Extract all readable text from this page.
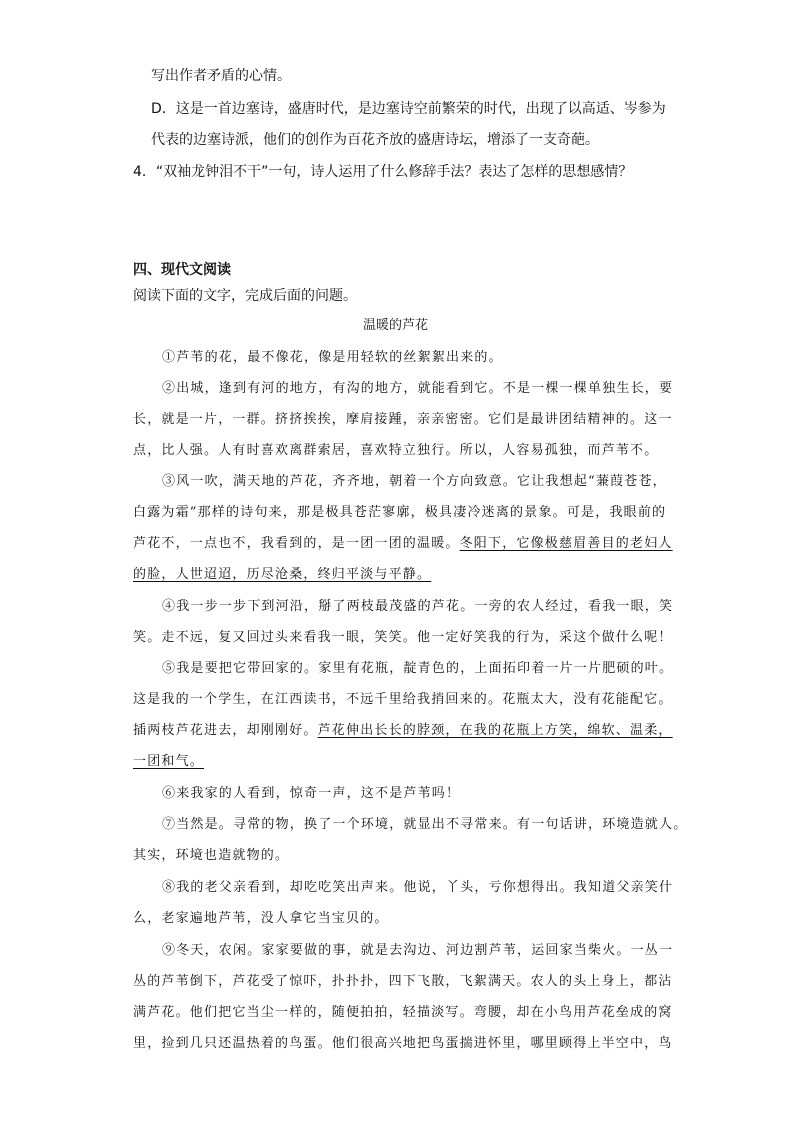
写出作者矛盾的心情。
D．这是一首边塞诗，盛唐时代，是边塞诗空前繁荣的时代，出现了以高适、岑参为
代表的边塞诗派，他们的创作为百花齐放的盛唐诗坛，增添了一支奇葩。
4．“双袖龙钟泪不干”一句，诗人运用了什么修辞手法？表达了怎样的思想感情？
四、现代文阅读
阅读下面的文字，完成后面的问题。
温暖的芦花
①芦苇的花，最不像花，像是用轻软的丝絮絮出来的。
②出城，逢到有河的地方，有沟的地方，就能看到它。不是一棵一棵单独生长，要
长，就是一片，一群。挤挤挨挨，摩肩接踵，亲亲密密。它们是最讲团结精神的。这一
点，比人强。人有时喜欢离群索居，喜欢特立独行。所以，人容易孤独，而芦苇不。
③风一吹，满天地的芦花，齐齐地，朝着一个方向致意。它让我想起“蒹葭苍苍，
白露为霜”那样的诗句来，那是极具苍茫寥廓，极具凄冷迷离的景象。可是，我眼前的
芦花不，一点也不，我看到的，是一团一团的温暖。冬阳下，它像极慈眉善目的老妇人
的脸，人世迢迢，历尽沧桑，终归平淡与平静。
④我一步一步下到河沿，掰了两枝最茂盛的芦花。一旁的农人经过，看我一眼，笑
笑。走不远，复又回过头来看我一眼，笑笑。他一定好笑我的行为，采这个做什么呢！
⑤我是要把它带回家的。家里有花瓶，靛青色的，上面拓印着一片一片肥硕的叶。
这是我的一个学生，在江西读书，不远千里给我捎回来的。花瓶太大，没有花能配它。
插两枝芦花进去，却刚刚好。芦花伸出长长的脖颈，在我的花瓶上方笑，绵软、温柔，
一团和气。
⑥来我家的人看到，惊奇一声，这不是芦苇吗！
⑦当然是。寻常的物，换了一个环境，就显出不寻常来。有一句话讲，环境造就人。
其实，环境也造就物的。
⑧我的老父亲看到，却吃吃笑出声来。他说，丫头，亏你想得出。我知道父亲笑什
么，老家遍地芦苇，没人拿它当宝贝的。
⑨冬天，农闲。家家要做的事，就是去沟边、河边割芦苇，运回家当柴火。一丛一
丛的芦苇倒下，芦花受了惊吓，扑扑扑，四下飞散，飞絮满天。农人的头上身上，都沾
满芦花。他们把它当尘一样的，随便拍拍，轻描淡写。弯腰，却在小鸟用芦花垒成的窝
里，捡到几只还温热着的鸟蛋。他们很高兴地把鸟蛋揣进怀里，哪里顾得上半空中，鸟
